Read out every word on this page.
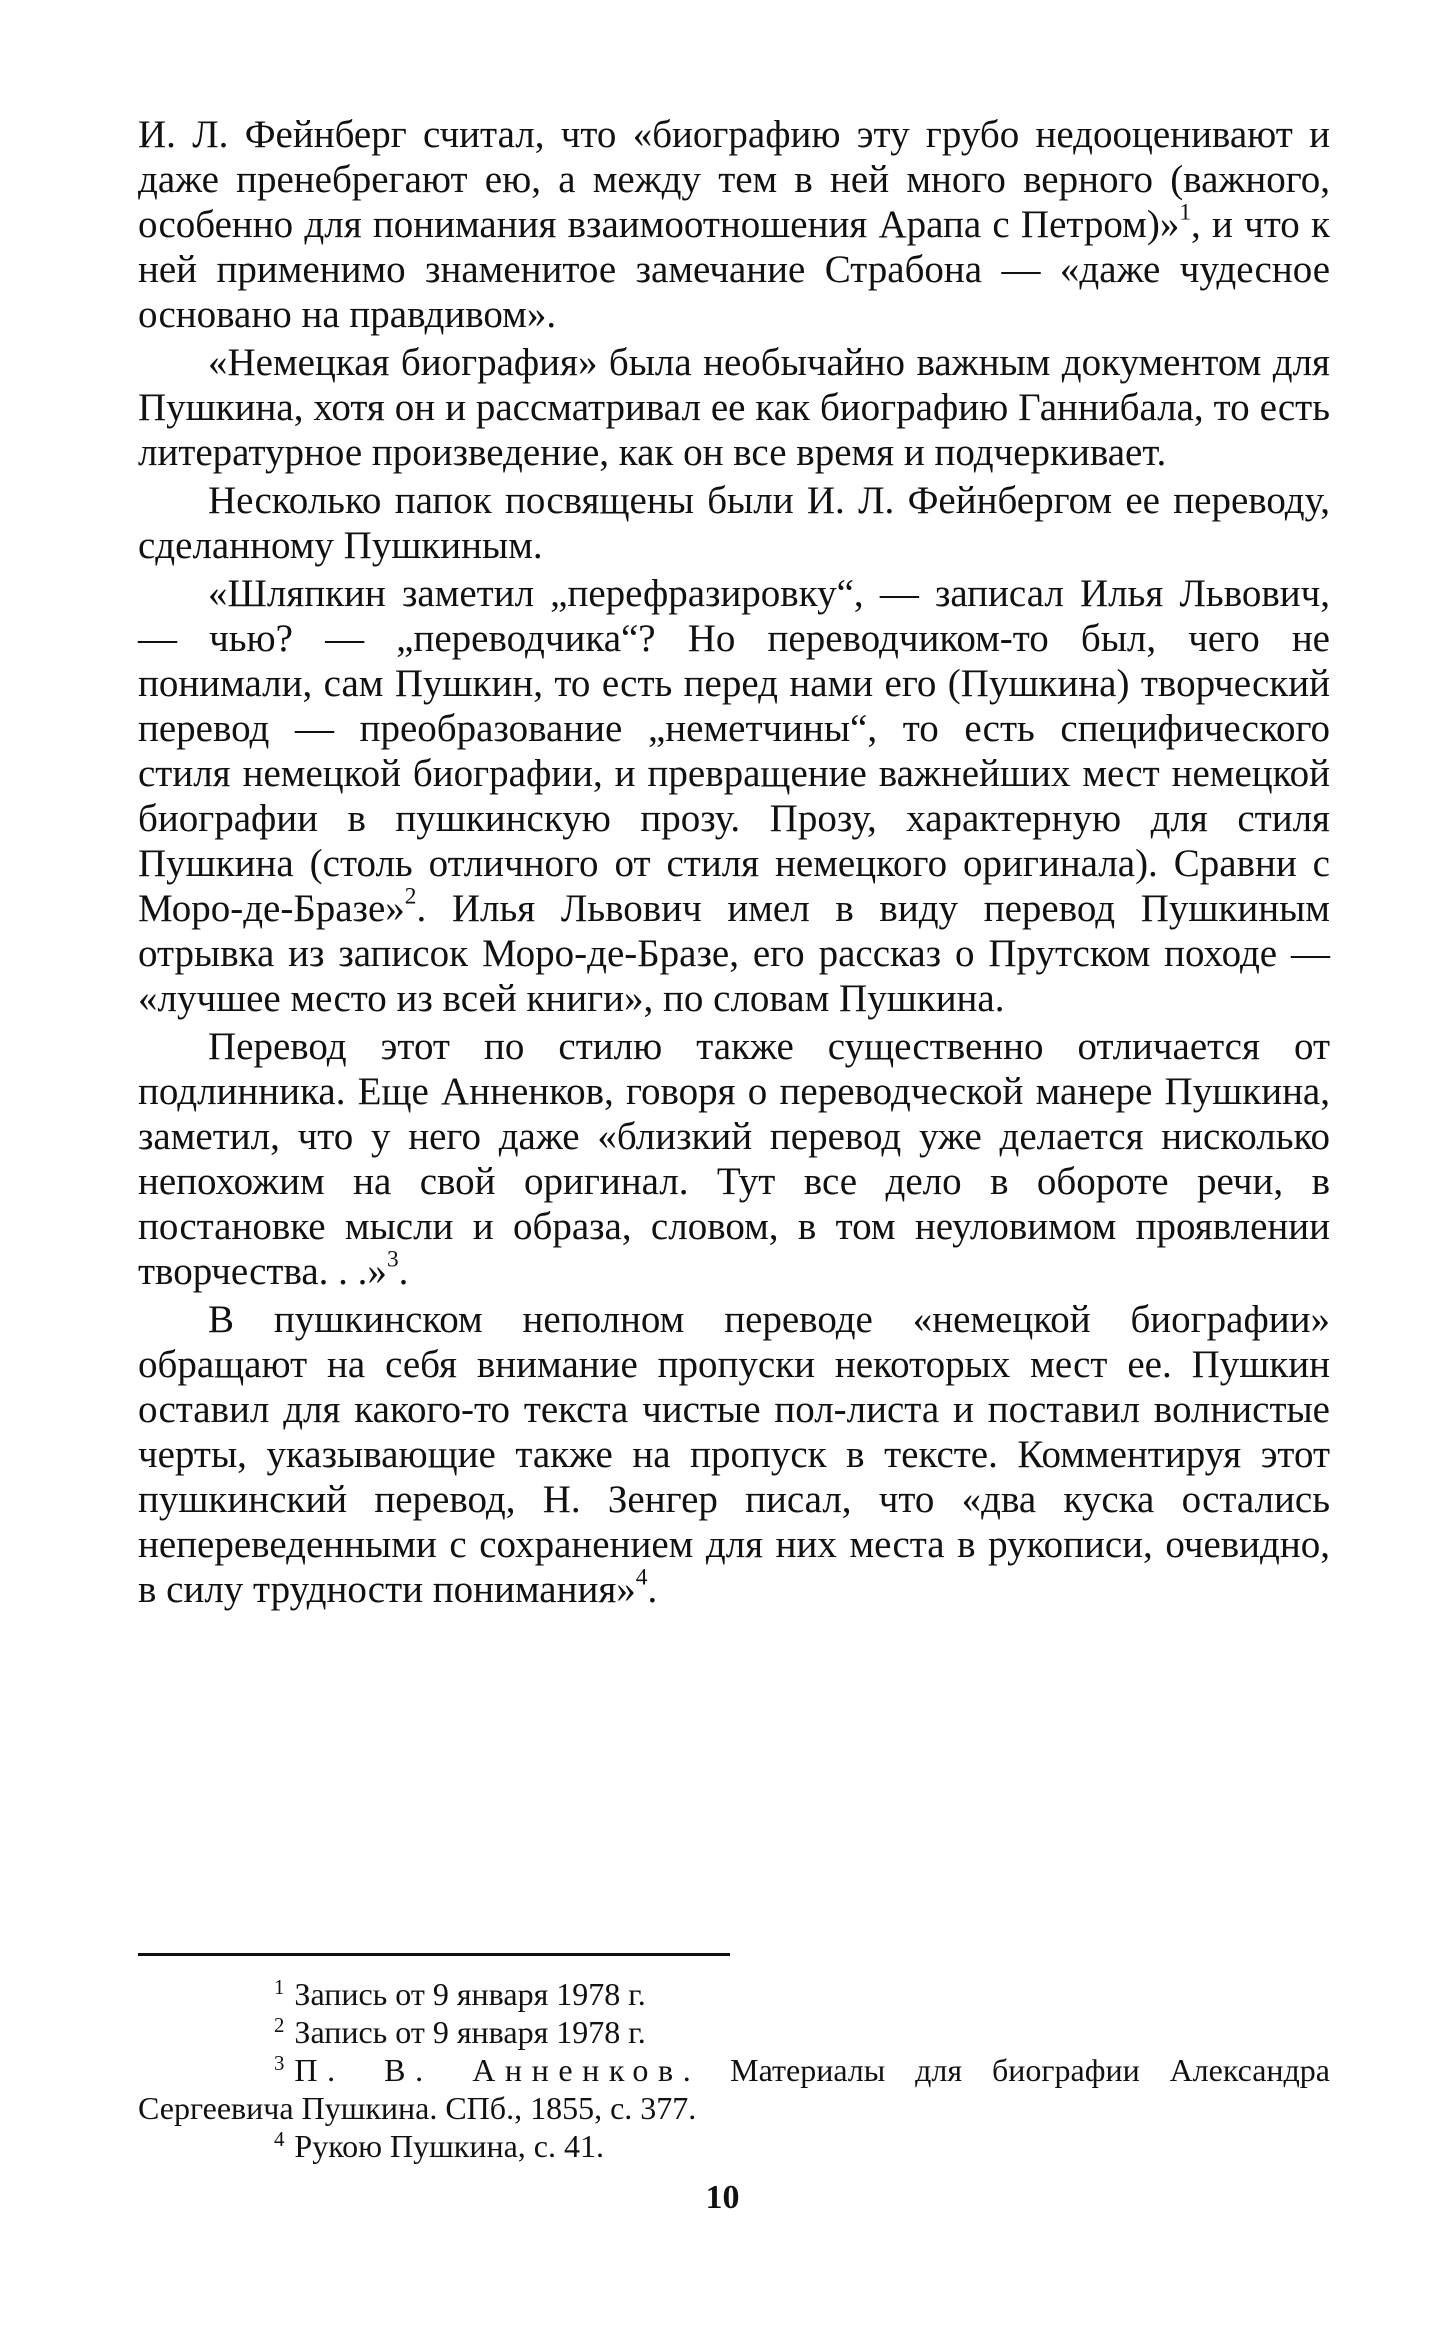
И. Л. Фейнберг считал, что «биографию эту грубо недооценивают и даже пренебрегают ею, а между тем в ней много верного (важного, особенно для понимания взаимоотношения Арапа с Петром)»$^1$, и что к ней применимо знаменитое замечание Страбона — «даже чудесное основано на правдивом».

«Немецкая биография» была необычайно важным документом для Пушкина, хотя он и рассматривал ее как биографию Ганнибала, то есть литературное произведение, как он все время и подчеркивает.

Несколько папок посвящены были И. Л. Фейнбергом ее переводу, сделанному Пушкиным.

«Шляпкин заметил „перефразировку“, — записал Илья Львович, — чью? — „переводчика“? Но переводчиком-то был, чего не понимали, сам Пушкин, то есть перед нами его (Пушкина) творческий перевод — преобразование „неметчины“, то есть специфического стиля немецкой биографии, и превращение важнейших мест немецкой биографии в пушкинскую прозу. Прозу, характерную для стиля Пушкина (столь отличного от стиля немецкого оригинала). Сравни с Моро-де-Бразе»$^2$. Илья Львович имел в виду перевод Пушкиным отрывка из записок Моро-де-Бразе, его рассказ о Прутском походе — «лучшее место из всей книги», по словам Пушкина.

Перевод этот по стилю также существенно отличается от подлинника. Еще Анненков, говоря о переводческой манере Пушкина, заметил, что у него даже «близкий перевод уже делается нисколько непохожим на свой оригинал. Тут все дело в обороте речи, в постановке мысли и образа, словом, в том неуловимом проявлении творчества. . .»$^3$.

В пушкинском неполном переводе «немецкой биографии» обращают на себя внимание пропуски некоторых мест ее. Пушкин оставил для какого-то текста чистые пол-листа и поставил волнистые черты, указывающие также на пропуск в тексте. Комментируя этот пушкинский перевод, Н. Зенгер писал, что «два куска остались непереведенными с сохранением для них места в рукописи, очевидно, в силу трудности понимания»$^4$.

1 Запись от 9 января 1978 г.

2 Запись от 9 января 1978 г.

3 П. В. Анненков. Материалы для биографии Александра Сергеевича Пушкина. СПб., 1855, с. 377.

4 Рукою Пушкина, с. 41.

10
